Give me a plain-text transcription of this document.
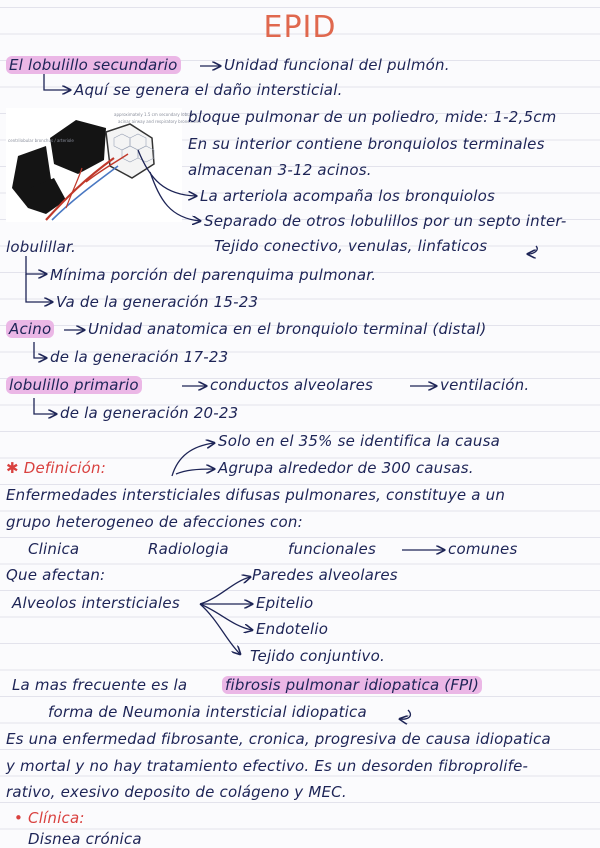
EPID
approximately 1.5 cm secondary lobule
acinar airway and respiratory bronchioles
centrilobular bronchus / arteriole
El lobulillo secundario	Unidad funcional del pulmón.
Aquí se genera el daño intersticial.
bloque pulmonar de un poliedro, mide: 1-2,5cm
En su interior contiene bronquiolos terminales
almacenan 3-12 acinos.
La arteriola acompaña los bronquiolos
Separado de otros lobulillos por un septo inter-
lobulillar.	Tejido conectivo, venulas, linfaticos
Mínima porción del parenquima pulmonar.
Va de la generación 15-23
Acino Unidad anatomica en el bronquiolo terminal (distal)
de la generación 17-23
lobulillo primario	conductos alveolares	ventilación.
de la generación 20-23
Solo en el 35% se identifica la causa
✱ Definición:	Agrupa alrededor de 300 causas.
Enfermedades intersticiales difusas pulmonares, constituye a un
grupo heterogeneo de afecciones con:
Clinica	Radiologia	funcionales	comunes
Que afectan:	Paredes alveolares
Alveolos intersticiales	Epitelio
Endotelio
Tejido conjuntivo.
La mas frecuente es la	fibrosis pulmonar idiopatica (FPI)
forma de Neumonia intersticial idiopatica
Es una enfermedad fibrosante, cronica, progresiva de causa idiopatica
y mortal y no hay tratamiento efectivo. Es un desorden fibroprolife-
rativo, exesivo deposito de colágeno y MEC.
• Clínica:
Disnea crónica
